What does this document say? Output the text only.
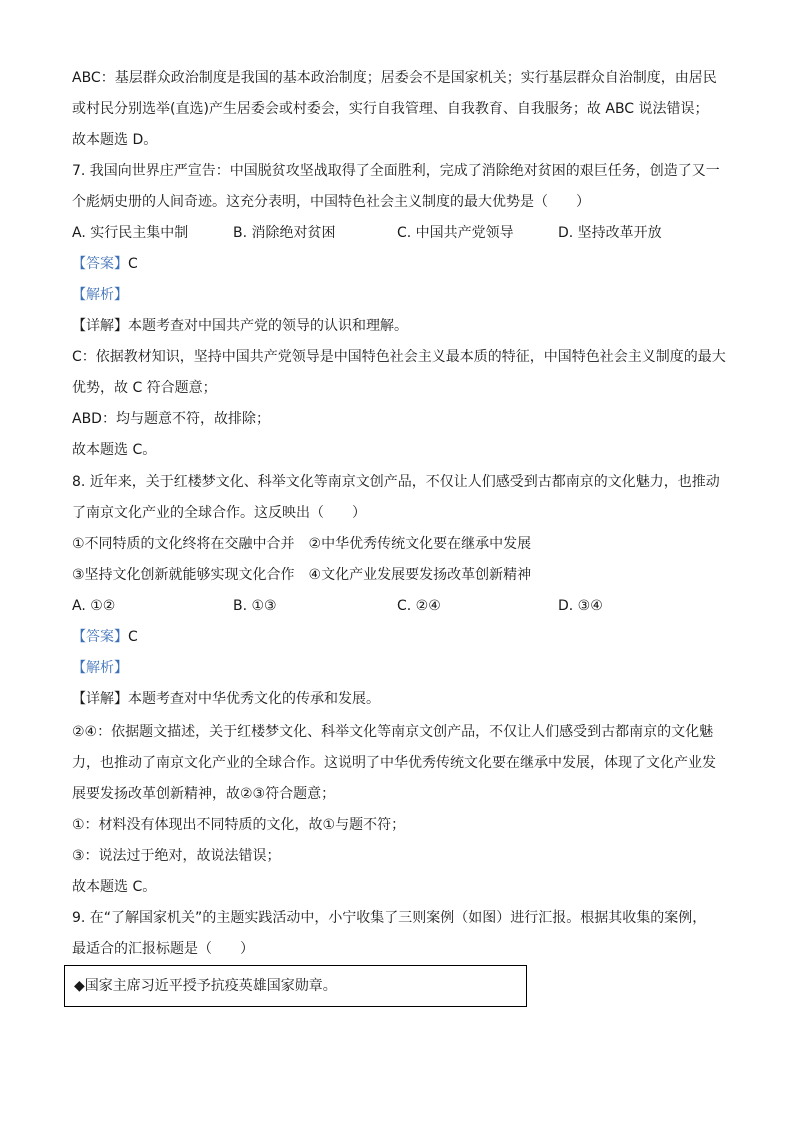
ABC：基层群众政治制度是我国的基本政治制度；居委会不是国家机关；实行基层群众自治制度，由居民
或村民分别选举(直选)产生居委会或村委会，实行自我管理、自我教育、自我服务；故 ABC 说法错误；
故本题选 D。
7. 我国向世界庄严宣告：中国脱贫攻坚战取得了全面胜利，完成了消除绝对贫困的艰巨任务，创造了又一
个彪炳史册的人间奇迹。这充分表明，中国特色社会主义制度的最大优势是（　　）
A. 实行民主集中制	B. 消除绝对贫困	C. 中国共产党领导	D. 坚持改革开放
【答案】C
【解析】
【详解】本题考查对中国共产党的领导的认识和理解。
C：依据教材知识，坚持中国共产党领导是中国特色社会主义最本质的特征，中国特色社会主义制度的最大
优势，故 C 符合题意；
ABD：均与题意不符，故排除；
故本题选 C。
8. 近年来，关于红楼梦文化、科举文化等南京文创产品，不仅让人们感受到古都南京的文化魅力，也推动
了南京文化产业的全球合作。这反映出（　　）
①不同特质的文化终将在交融中合并　②中华优秀传统文化要在继承中发展
③坚持文化创新就能够实现文化合作　④文化产业发展要发扬改革创新精神
A. ①②	B. ①③	C. ②④	D. ③④
【答案】C
【解析】
【详解】本题考查对中华优秀文化的传承和发展。
②④：依据题文描述，关于红楼梦文化、科举文化等南京文创产品，不仅让人们感受到古都南京的文化魅
力，也推动了南京文化产业的全球合作。这说明了中华优秀传统文化要在继承中发展，体现了文化产业发
展要发扬改革创新精神，故②③符合题意；
①：材料没有体现出不同特质的文化，故①与题不符；
③：说法过于绝对，故说法错误；
故本题选 C。
9. 在“了解国家机关”的主题实践活动中，小宁收集了三则案例（如图）进行汇报。根据其收集的案例，
最适合的汇报标题是（　　）
◆国家主席习近平授予抗疫英雄国家勋章。
